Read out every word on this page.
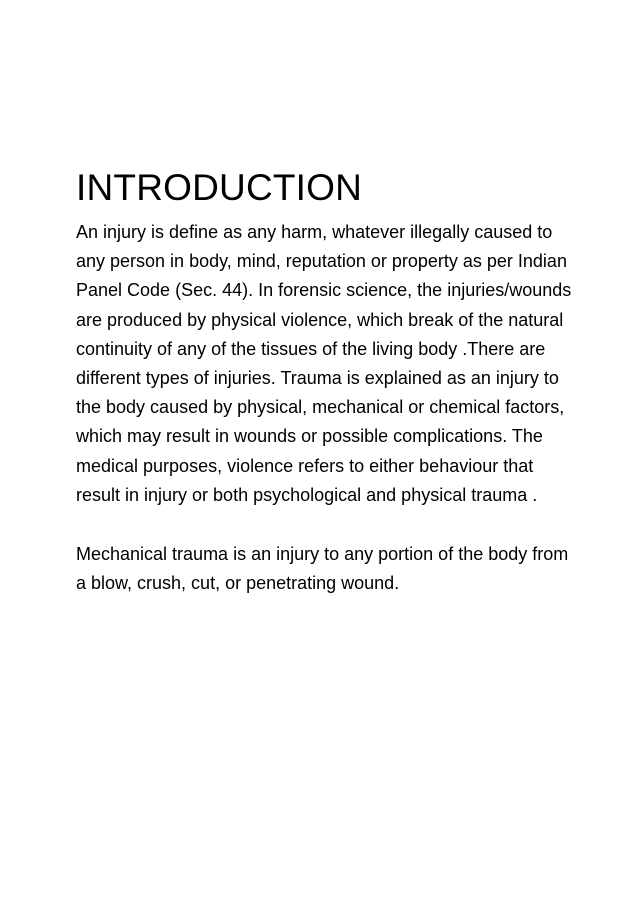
INTRODUCTION

An injury is define as any harm, whatever illegally caused to any person in body, mind, reputation or property as per Indian Panel Code (Sec. 44). In forensic science, the injuries/wounds are produced by physical violence, which break of the natural continuity of any of the tissues of the living body .There are different types of injuries. Trauma is explained as an injury to the body caused by physical, mechanical or chemical factors, which may result in wounds or possible complications. The medical purposes, violence refers to either behaviour that result in injury or both psychological and physical trauma .

Mechanical trauma is an injury to any portion of the body from a blow, crush, cut, or penetrating wound.
